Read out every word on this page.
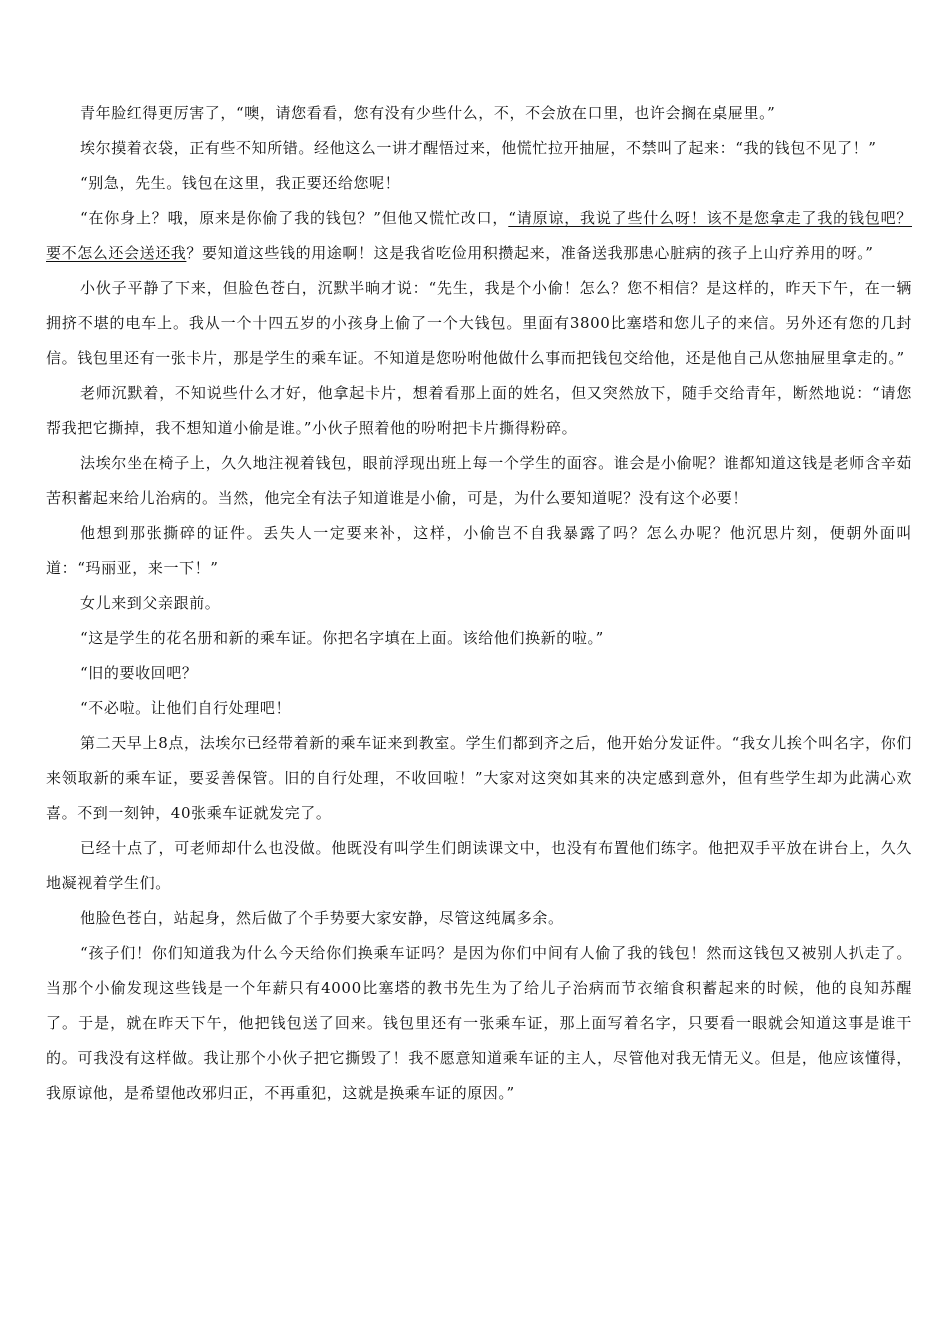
青年脸红得更厉害了，“噢，请您看看，您有没有少些什么，不，不会放在口里，也许会搁在桌屉里。”

埃尔摸着衣袋，正有些不知所错。经他这么一讲才醒悟过来，他慌忙拉开抽屉，不禁叫了起来：“我的钱包不见了！”

“别急，先生。钱包在这里，我正要还给您呢！

“在你身上？哦，原来是你偷了我的钱包？”但他又慌忙改口，“请原谅，我说了些什么呀！该不是您拿走了我的钱包吧？要不怎么还会送还我？要知道这些钱的用途啊！这是我省吃俭用积攒起来，准备送我那患心脏病的孩子上山疗养用的呀。”

小伙子平静了下来，但脸色苍白，沉默半晌才说：“先生，我是个小偷！怎么？您不相信？是这样的，昨天下午，在一辆拥挤不堪的电车上。我从一个十四五岁的小孩身上偷了一个大钱包。里面有3800比塞塔和您儿子的来信。另外还有您的几封信。钱包里还有一张卡片，那是学生的乘车证。不知道是您吩咐他做什么事而把钱包交给他，还是他自己从您抽屉里拿走的。”

老师沉默着，不知说些什么才好，他拿起卡片，想着看那上面的姓名，但又突然放下，随手交给青年，断然地说：“请您帮我把它撕掉，我不想知道小偷是谁。”小伙子照着他的吩咐把卡片撕得粉碎。

法埃尔坐在椅子上，久久地注视着钱包，眼前浮现出班上每一个学生的面容。谁会是小偷呢？谁都知道这钱是老师含辛茹苦积蓄起来给儿治病的。当然，他完全有法子知道谁是小偷，可是，为什么要知道呢？没有这个必要！

他想到那张撕碎的证件。丢失人一定要来补，这样，小偷岂不自我暴露了吗？怎么办呢？他沉思片刻，便朝外面叫道：“玛丽亚，来一下！”

女儿来到父亲跟前。

“这是学生的花名册和新的乘车证。你把名字填在上面。该给他们换新的啦。”

“旧的要收回吧？

“不必啦。让他们自行处理吧！

第二天早上8点，法埃尔已经带着新的乘车证来到教室。学生们都到齐之后，他开始分发证件。“我女儿挨个叫名字，你们来领取新的乘车证，要妥善保管。旧的自行处理，不收回啦！”大家对这突如其来的决定感到意外，但有些学生却为此满心欢喜。不到一刻钟，40张乘车证就发完了。

已经十点了，可老师却什么也没做。他既没有叫学生们朗读课文中，也没有布置他们练字。他把双手平放在讲台上，久久地凝视着学生们。

他脸色苍白，站起身，然后做了个手势要大家安静，尽管这纯属多余。

“孩子们！你们知道我为什么今天给你们换乘车证吗？是因为你们中间有人偷了我的钱包！然而这钱包又被别人扒走了。当那个小偷发现这些钱是一个年薪只有4000比塞塔的教书先生为了给儿子治病而节衣缩食积蓄起来的时候，他的良知苏醒了。于是，就在昨天下午，他把钱包送了回来。钱包里还有一张乘车证，那上面写着名字，只要看一眼就会知道这事是谁干的。可我没有这样做。我让那个小伙子把它撕毁了！我不愿意知道乘车证的主人，尽管他对我无情无义。但是，他应该懂得，我原谅他，是希望他改邪归正，不再重犯，这就是换乘车证的原因。”
